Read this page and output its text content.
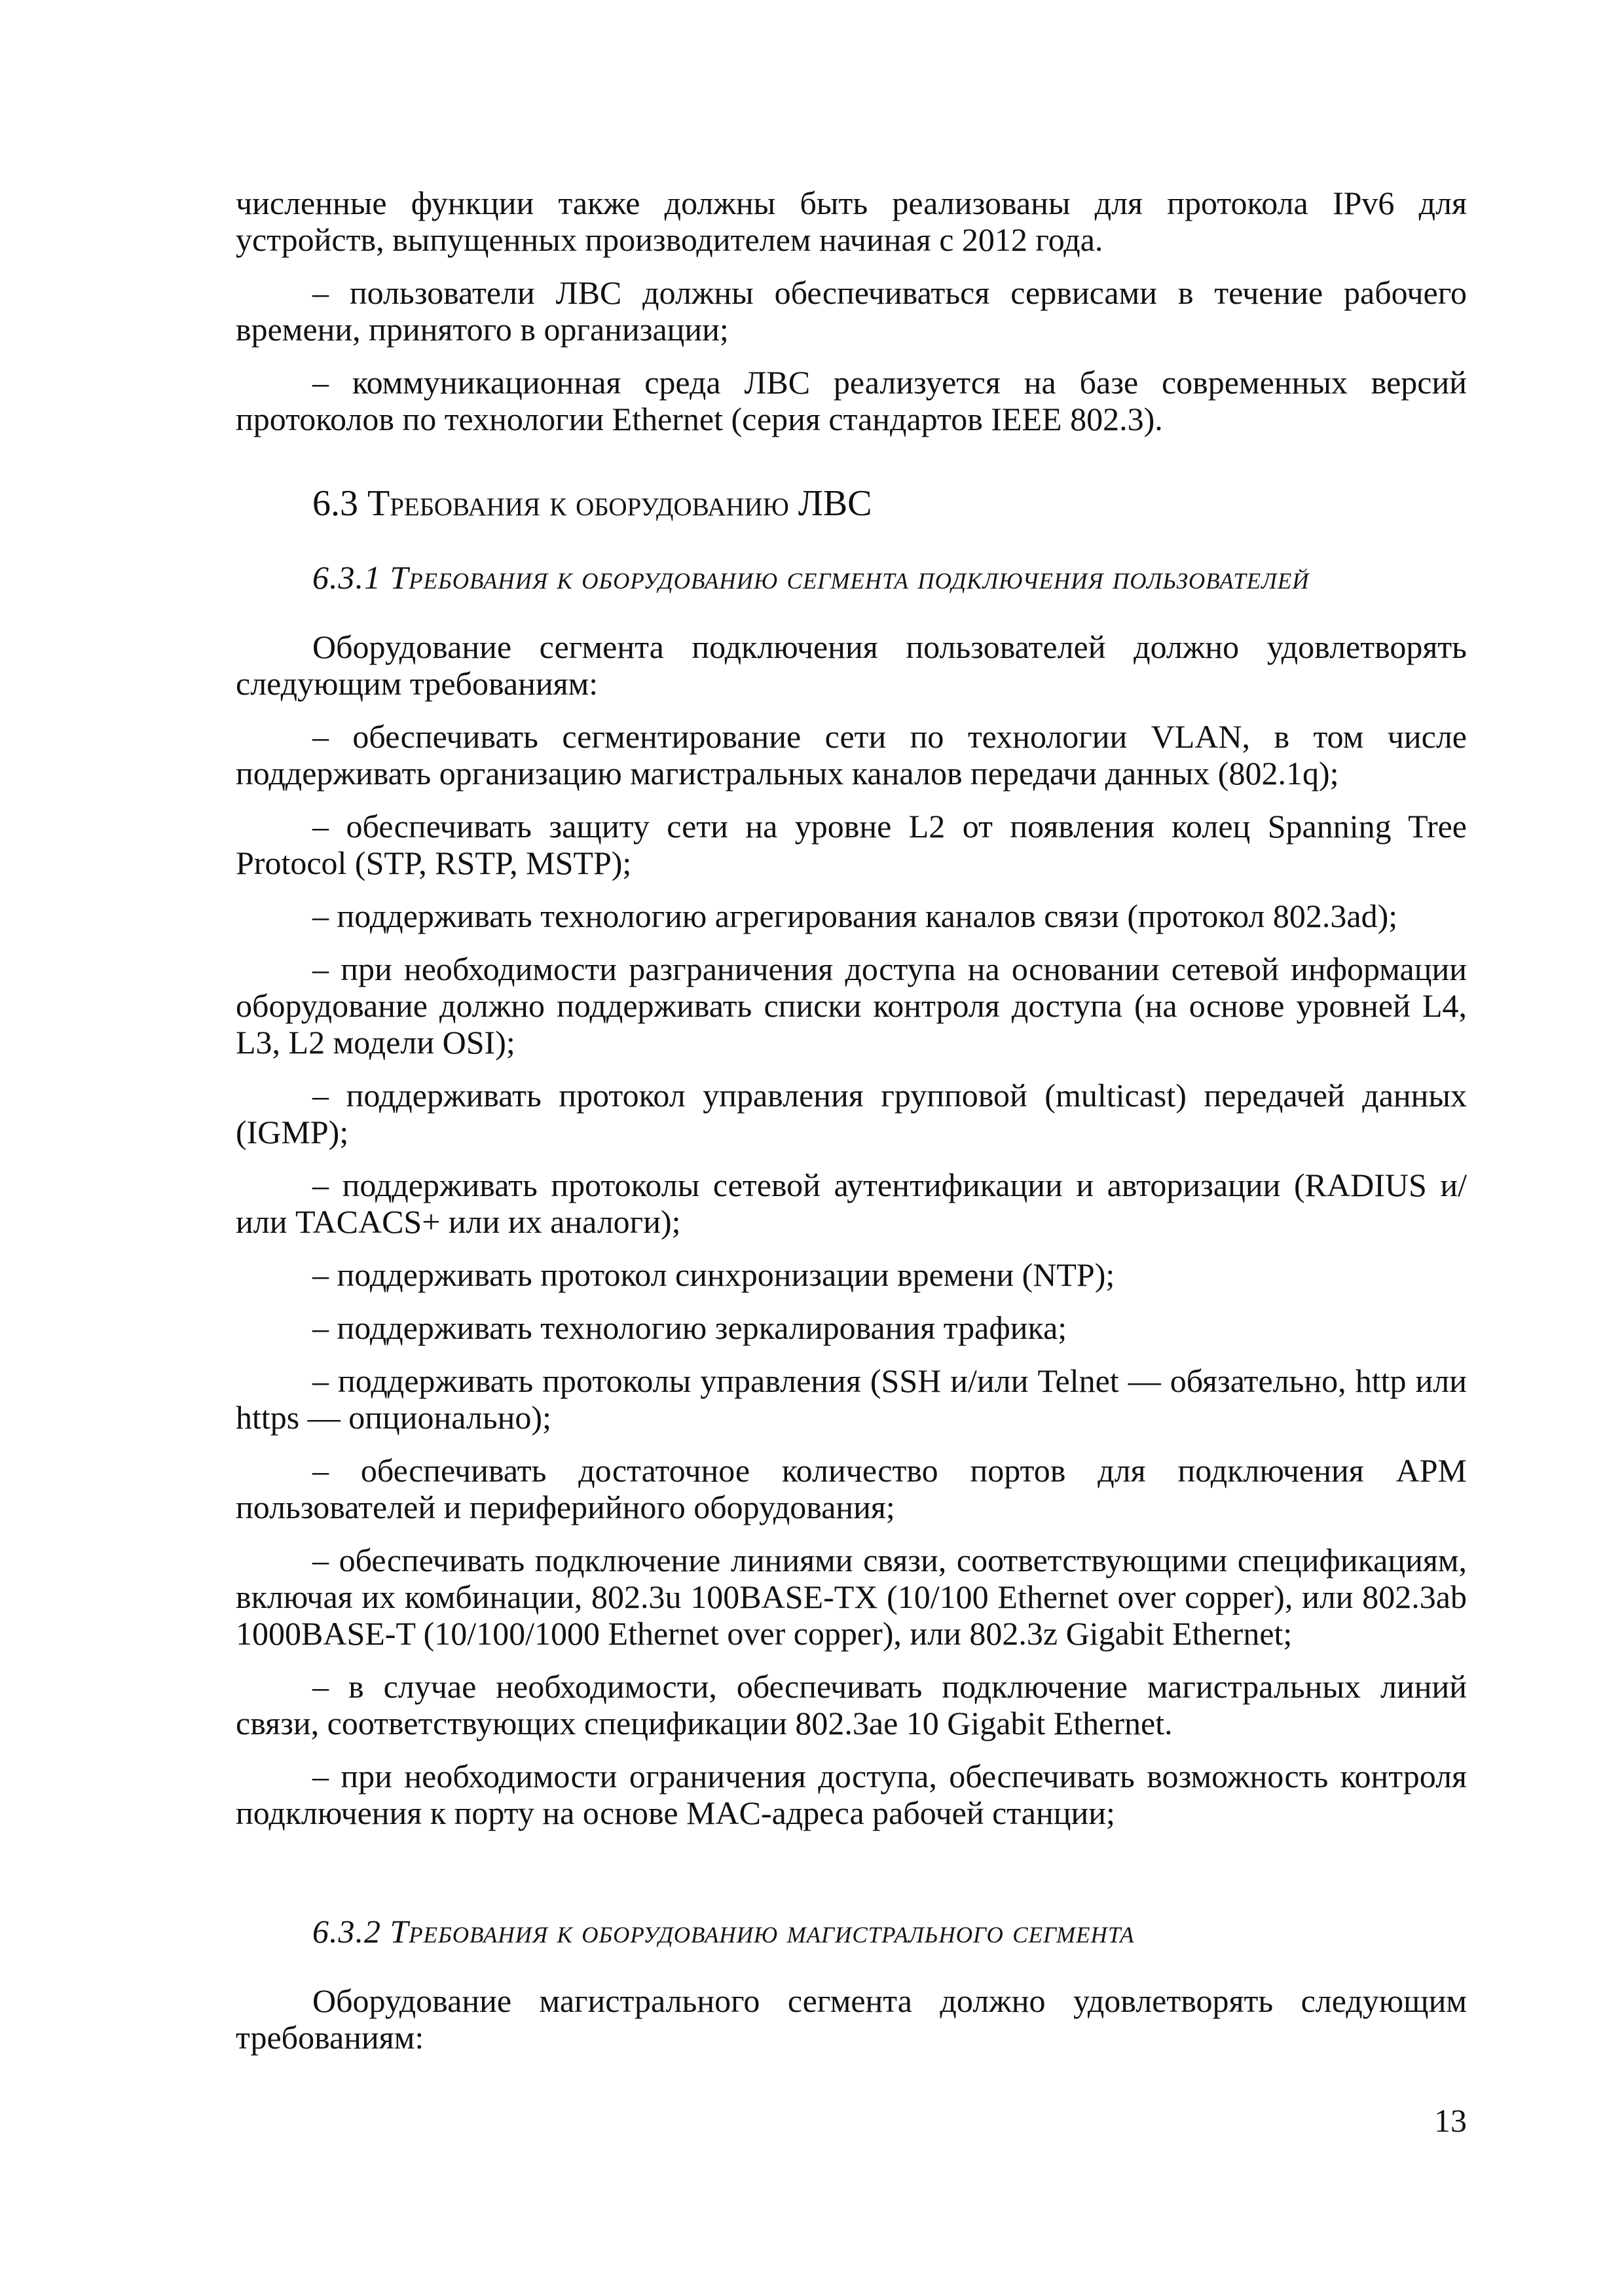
численные функции также должны быть реализованы для протокола IPv6 для устройств, выпущенных производителем начиная с 2012 года.

– пользователи ЛВС должны обеспечиваться сервисами в течение рабочего времени, принятого в организации;

– коммуникационная среда ЛВС реализуется на базе современных версий протоколов по технологии Ethernet (серия стандартов IEEE 802.3).

6.3 Требования к оборудованию ЛВС
6.3.1 Требования к оборудованию сегмента подключения пользователей

Оборудование сегмента подключения пользователей должно удовлетворять следующим требованиям:

– обеспечивать сегментирование сети по технологии VLAN, в том числе поддерживать организацию магистральных каналов передачи данных (802.1q);

– обеспечивать защиту сети на уровне L2 от появления колец Spanning Tree Protocol (STP, RSTP, MSTP);

– поддерживать технологию агрегирования каналов связи (протокол 802.3ad);

– при необходимости разграничения доступа на основании сетевой информации оборудование должно поддерживать списки контроля доступа (на основе уровней L4, L3, L2 модели OSI);

– поддерживать протокол управления групповой (multicast) передачей данных (IGMP);

– поддерживать протоколы сетевой аутентификации и авторизации (RADIUS и/или TACACS+ или их аналоги);

– поддерживать протокол синхронизации времени (NTP);

– поддерживать технологию зеркалирования трафика;

– поддерживать протоколы управления (SSH и/или Telnet — обязательно, http или https — опционально);

– обеспечивать достаточное количество портов для подключения АРМ пользователей и периферийного оборудования;

– обеспечивать подключение линиями связи, соответствующими спецификациям, включая их комбинации, 802.3u 100BASE-TX (10/100 Ethernet over copper), или 802.3ab 1000BASE-T (10/100/1000 Ethernet over copper), или 802.3z Gigabit Ethernet;

– в случае необходимости, обеспечивать подключение магистральных линий связи, соответствующих спецификации 802.3ae 10 Gigabit Ethernet.

– при необходимости ограничения доступа, обеспечивать возможность контроля подключения к порту на основе MAC-адреса рабочей станции;

6.3.2 Требования к оборудованию магистрального сегмента

Оборудование магистрального сегмента должно удовлетворять следующим требованиям:

13
